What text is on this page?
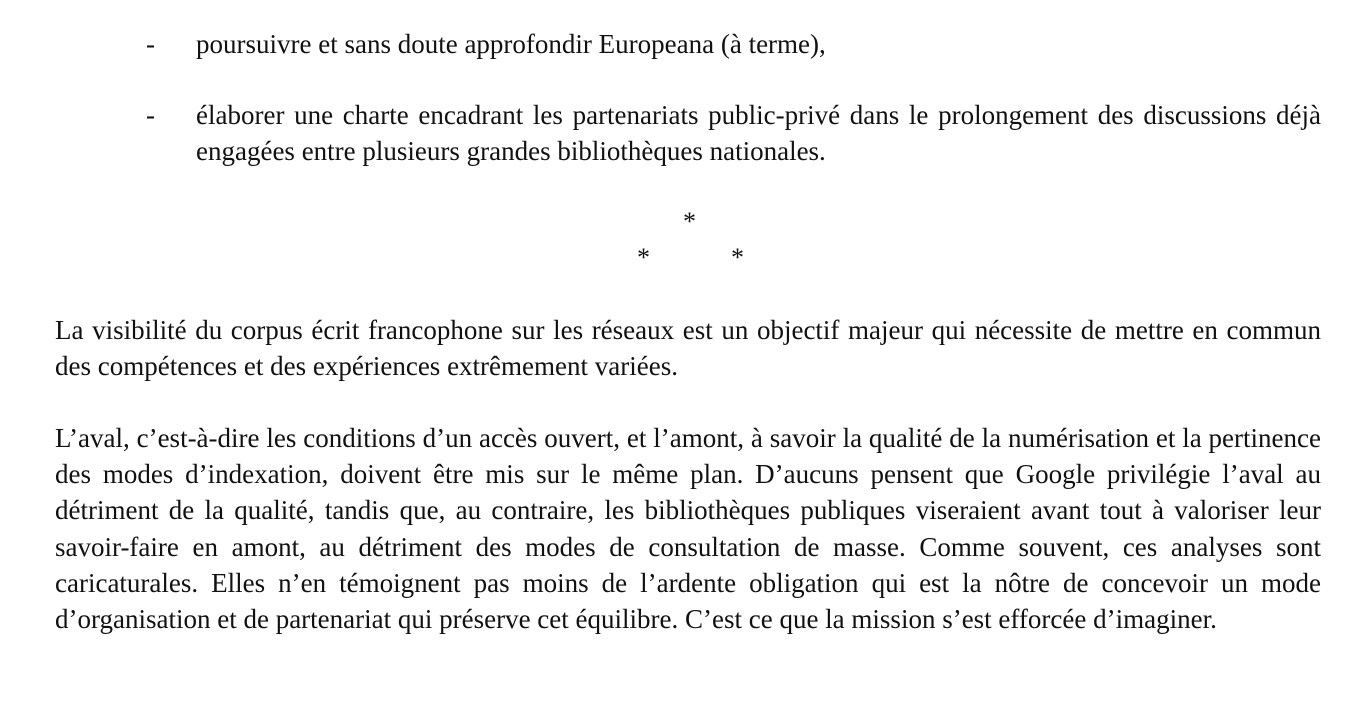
- poursuivre et sans doute approfondir Europeana (à terme),
- élaborer une charte encadrant les partenariats public-privé dans le prolongement des discussions déjà engagées entre plusieurs grandes bibliothèques nationales.
*
*	*

La visibilité du corpus écrit francophone sur les réseaux est un objectif majeur qui nécessite de mettre en commun des compétences et des expériences extrêmement variées.

L’aval, c’est-à-dire les conditions d’un accès ouvert, et l’amont, à savoir la qualité de la numérisation et la pertinence des modes d’indexation, doivent être mis sur le même plan. D’aucuns pensent que Google privilégie l’aval au détriment de la qualité, tandis que, au contraire, les bibliothèques publiques viseraient avant tout à valoriser leur savoir-faire en amont, au détriment des modes de consultation de masse. Comme souvent, ces analyses sont caricaturales. Elles n’en témoignent pas moins de l’ardente obligation qui est la nôtre de concevoir un mode d’organisation et de partenariat qui préserve cet équilibre. C’est ce que la mission s’est efforcée d’imaginer.
